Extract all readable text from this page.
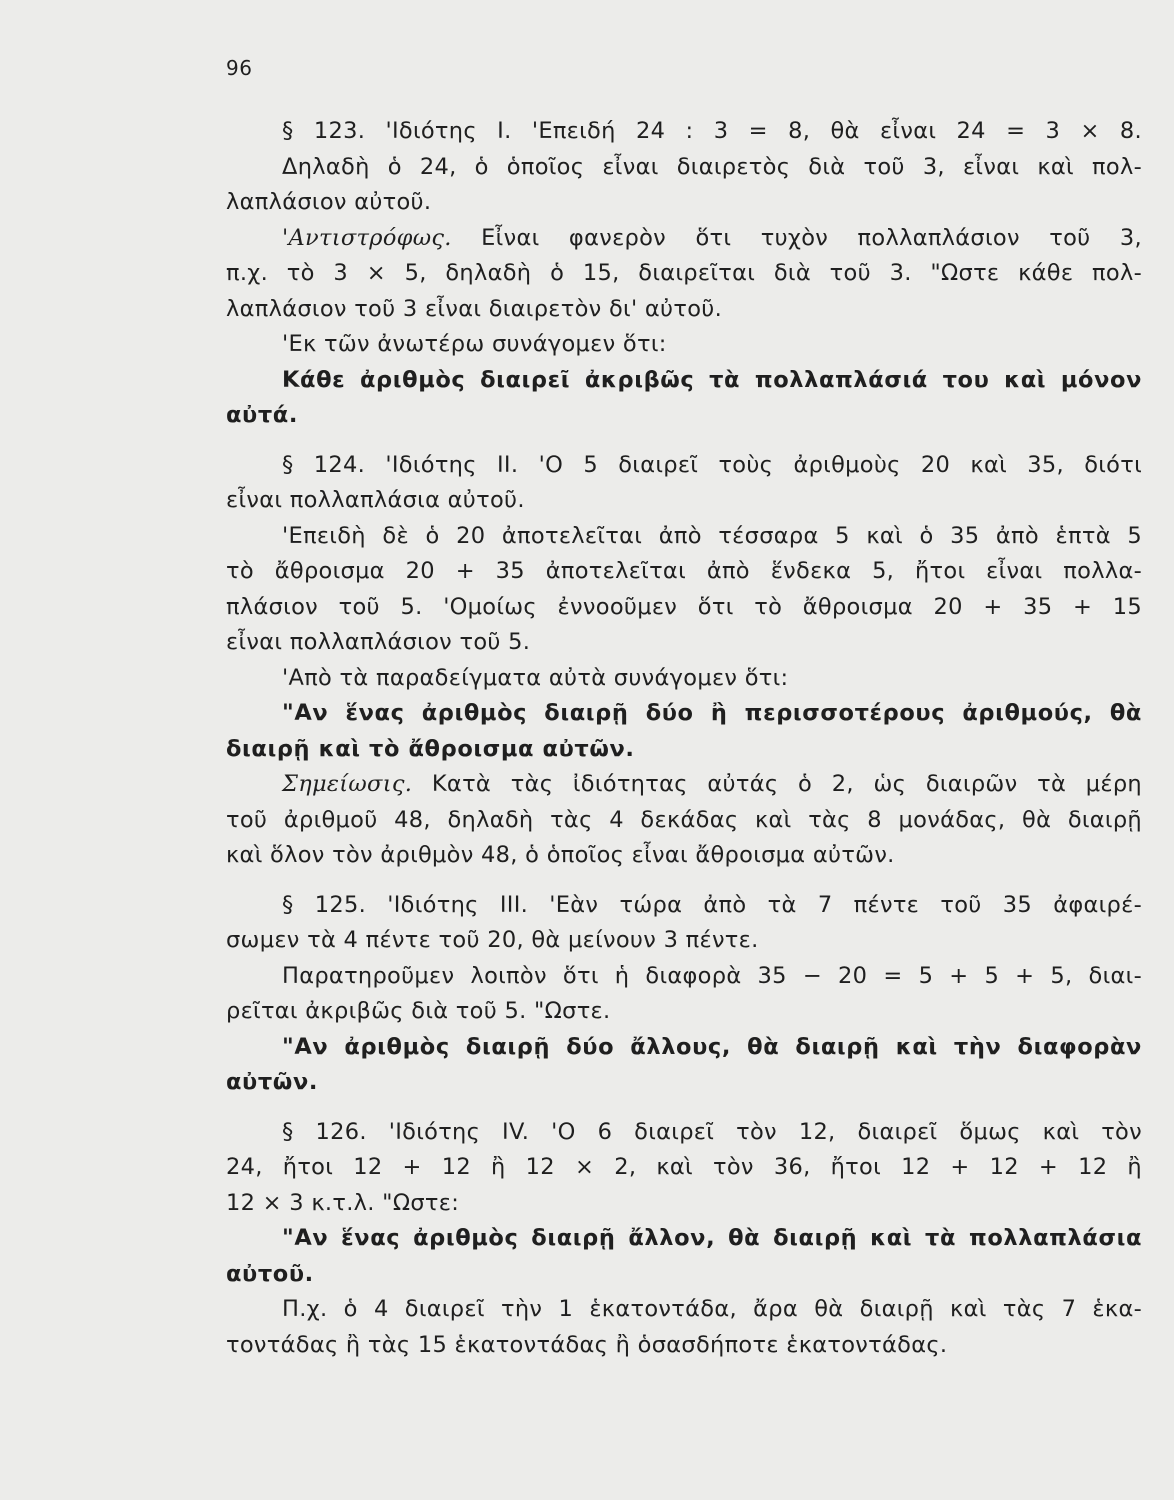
96
§ 123. 'Ιδιότης Ι. 'Επειδή 24 : 3 = 8, θὰ εἶναι 24 = 3 × 8.
Δηλαδὴ ὁ 24, ὁ ὁποῖος εἶναι διαιρετὸς διὰ τοῦ 3, εἶναι καὶ πολ-
λαπλάσιον αὐτοῦ.
'Αντιστρόφως. Εἶναι φανερὸν ὅτι τυχὸν πολλαπλάσιον τοῦ 3,
π.χ. τὸ 3 × 5, δηλαδὴ ὁ 15, διαιρεῖται διὰ τοῦ 3. "Ωστε κάθε πολ-
λαπλάσιον τοῦ 3 εἶναι διαιρετὸν δι' αὐτοῦ.
'Εκ τῶν ἀνωτέρω συνάγομεν ὅτι:
Κάθε ἀριθμὸς διαιρεῖ ἀκριβῶς τὰ πολλαπλάσιά του καὶ μόνον
αὐτά.
§ 124. 'Ιδιότης ΙΙ. 'Ο 5 διαιρεῖ τοὺς ἀριθμοὺς 20 καὶ 35, διότι
εἶναι πολλαπλάσια αὐτοῦ.
'Επειδὴ δὲ ὁ 20 ἀποτελεῖται ἀπὸ τέσσαρα 5 καὶ ὁ 35 ἀπὸ ἑπτὰ 5
τὸ ἄθροισμα 20 + 35 ἀποτελεῖται ἀπὸ ἕνδεκα 5, ἤτοι εἶναι πολλα-
πλάσιον τοῦ 5. 'Ομοίως ἐννοοῦμεν ὅτι τὸ ἄθροισμα 20 + 35 + 15
εἶναι πολλαπλάσιον τοῦ 5.
'Απὸ τὰ παραδείγματα αὐτὰ συνάγομεν ὅτι:
"Αν ἕνας ἀριθμὸς διαιρῇ δύο ἢ περισσοτέρους ἀριθμούς, θὰ
διαιρῇ καὶ τὸ ἄθροισμα αὐτῶν.
Σημείωσις. Κατὰ τὰς ἰδιότητας αὐτάς ὁ 2, ὡς διαιρῶν τὰ μέρη
τοῦ ἀριθμοῦ 48, δηλαδὴ τὰς 4 δεκάδας καὶ τὰς 8 μονάδας, θὰ διαιρῇ
καὶ ὅλον τὸν ἀριθμὸν 48, ὁ ὁποῖος εἶναι ἄθροισμα αὐτῶν.
§ 125. 'Ιδιότης ΙΙΙ. 'Εὰν τώρα ἀπὸ τὰ 7 πέντε τοῦ 35 ἀφαιρέ-
σωμεν τὰ 4 πέντε τοῦ 20, θὰ μείνουν 3 πέντε.
Παρατηροῦμεν λοιπὸν ὅτι ἡ διαφορὰ 35 − 20 = 5 + 5 + 5, διαι-
ρεῖται ἀκριβῶς διὰ τοῦ 5. "Ωστε.
"Αν ἀριθμὸς διαιρῇ δύο ἄλλους, θὰ διαιρῇ καὶ τὴν διαφορὰν
αὐτῶν.
§ 126. 'Ιδιότης ΙV. 'Ο 6 διαιρεῖ τὸν 12, διαιρεῖ ὅμως καὶ τὸν
24, ἤτοι 12 + 12 ἢ 12 × 2, καὶ τὸν 36, ἤτοι 12 + 12 + 12 ἢ
12 × 3 κ.τ.λ. "Ωστε:
"Αν ἕνας ἀριθμὸς διαιρῇ ἄλλον, θὰ διαιρῇ καὶ τὰ πολλαπλάσια
αὐτοῦ.
Π.χ. ὁ 4 διαιρεῖ τὴν 1 ἑκατοντάδα, ἄρα θὰ διαιρῇ καὶ τὰς 7 ἑκα-
τοντάδας ἢ τὰς 15 ἑκατοντάδας ἢ ὁσασδήποτε ἑκατοντάδας.
